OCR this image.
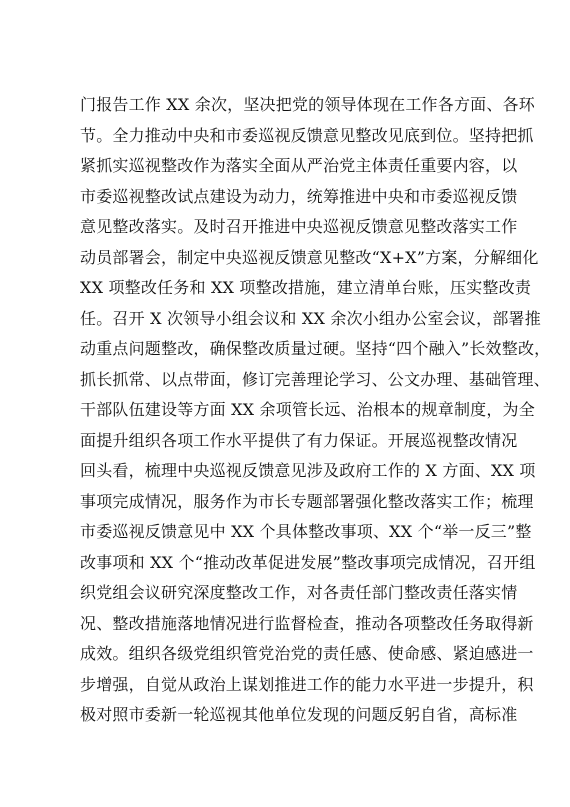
门报告工作 XX 余次，坚决把党的领导体现在工作各方面、各环
节。全力推动中央和市委巡视反馈意见整改见底到位。坚持把抓
紧抓实巡视整改作为落实全面从严治党主体责任重要内容，以
市委巡视整改试点建设为动力，统筹推进中央和市委巡视反馈
意见整改落实。及时召开推进中央巡视反馈意见整改落实工作
动员部署会，制定中央巡视反馈意见整改“X+X”方案，分解细化
XX 项整改任务和 XX 项整改措施，建立清单台账，压实整改责
任。召开 X 次领导小组会议和 XX 余次小组办公室会议，部署推
动重点问题整改，确保整改质量过硬。坚持“四个融入”长效整改，
抓长抓常、以点带面，修订完善理论学习、公文办理、基础管理、
干部队伍建设等方面 XX 余项管长远、治根本的规章制度，为全
面提升组织各项工作水平提供了有力保证。开展巡视整改情况
回头看，梳理中央巡视反馈意见涉及政府工作的 X 方面、XX 项
事项完成情况，服务作为市长专题部署强化整改落实工作；梳理
市委巡视反馈意见中 XX 个具体整改事项、XX 个“举一反三”整
改事项和 XX 个“推动改革促进发展”整改事项完成情况，召开组
织党组会议研究深度整改工作，对各责任部门整改责任落实情
况、整改措施落地情况进行监督检查，推动各项整改任务取得新
成效。组织各级党组织管党治党的责任感、使命感、紧迫感进一
步增强，自觉从政治上谋划推进工作的能力水平进一步提升，积
极对照市委新一轮巡视其他单位发现的问题反躬自省，高标准
